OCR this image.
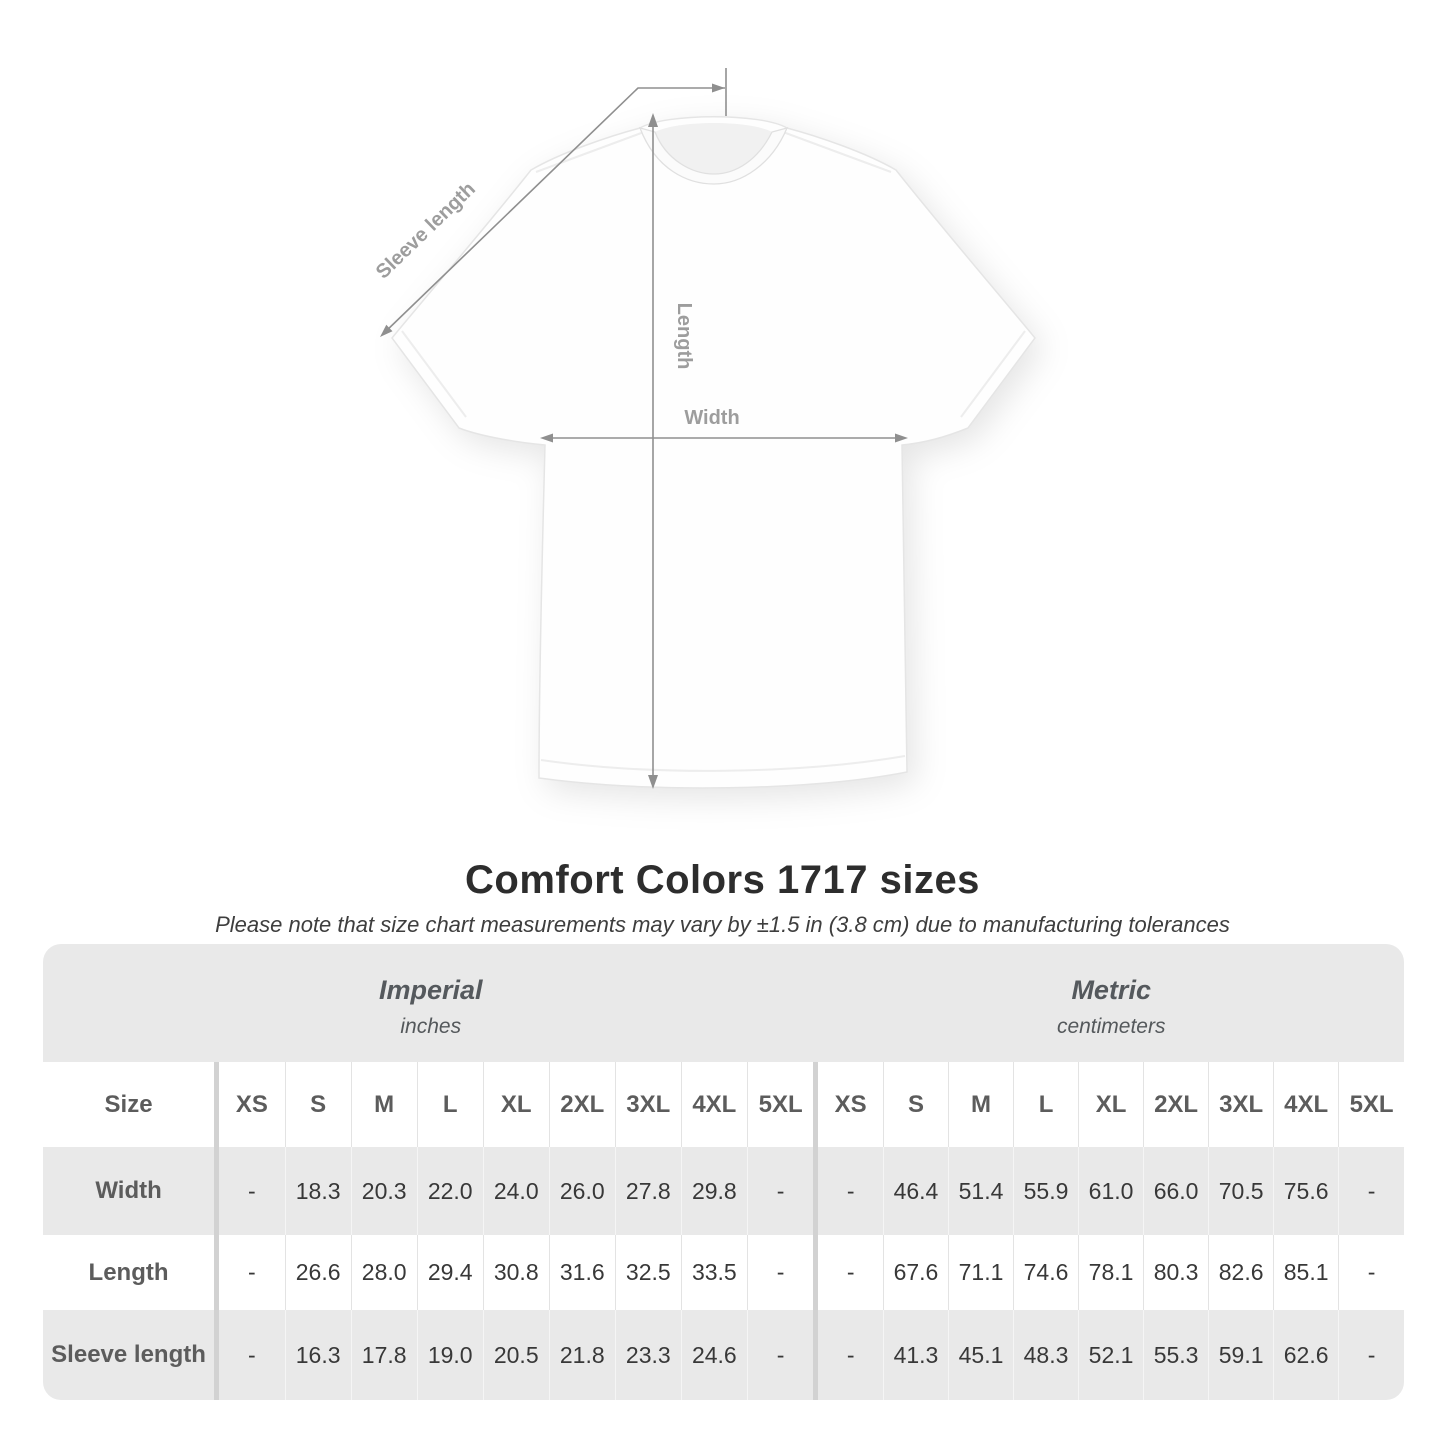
Sleeve length
Length
Width
Comfort Colors 1717 sizes

Please note that size chart measurements may vary by ±1.5 in (3.8 cm) due to manufacturing tolerances

Imperial
inches												Metric
centimeters								

Size		XS	S	M	L	XL	2XL	3XL	4XL	5XL		XS	S	M	L	XL	2XL	3XL	4XL	5XL
Width		-	18.3	20.3	22.0	24.0	26.0	27.8	29.8	-		-	46.4	51.4	55.9	61.0	66.0	70.5	75.6	-
Length		-	26.6	28.0	29.4	30.8	31.6	32.5	33.5	-		-	67.6	71.1	74.6	78.1	80.3	82.6	85.1	-
Sleeve length		-	16.3	17.8	19.0	20.5	21.8	23.3	24.6	-		-	41.3	45.1	48.3	52.1	55.3	59.1	62.6	-
